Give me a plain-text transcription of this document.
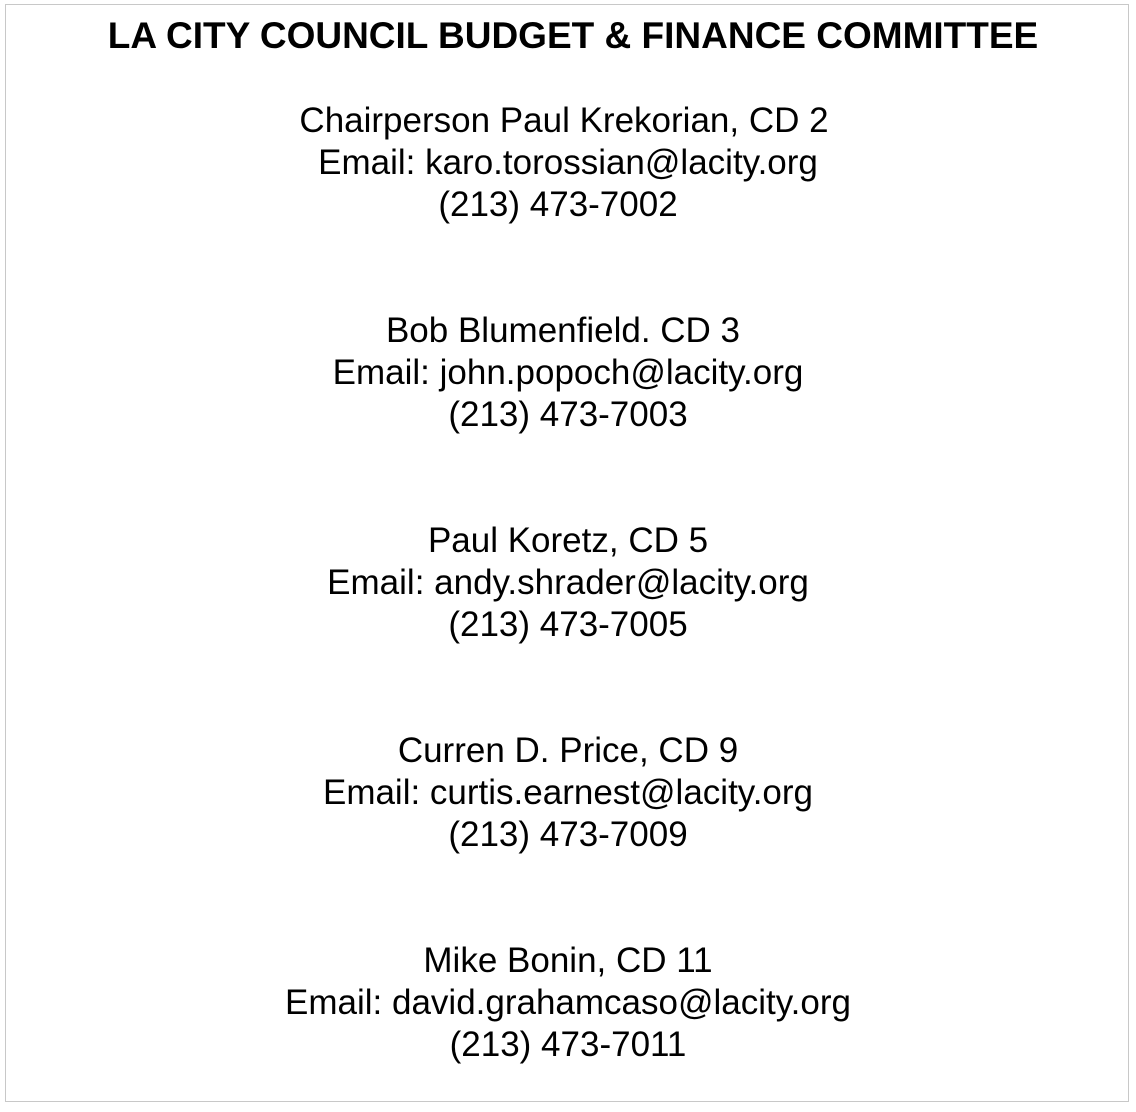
LA CITY COUNCIL BUDGET & FINANCE COMMITTEE
Chairperson Paul Krekorian, CD 2
Email: karo.torossian@lacity.org
(213) 473-7002
Bob Blumenfield. CD 3
Email: john.popoch@lacity.org
(213) 473-7003
Paul Koretz, CD 5
Email: andy.shrader@lacity.org
(213) 473-7005
Curren D. Price, CD 9
Email: curtis.earnest@lacity.org
(213) 473-7009
Mike Bonin, CD 11
Email: david.grahamcaso@lacity.org
(213) 473-7011
